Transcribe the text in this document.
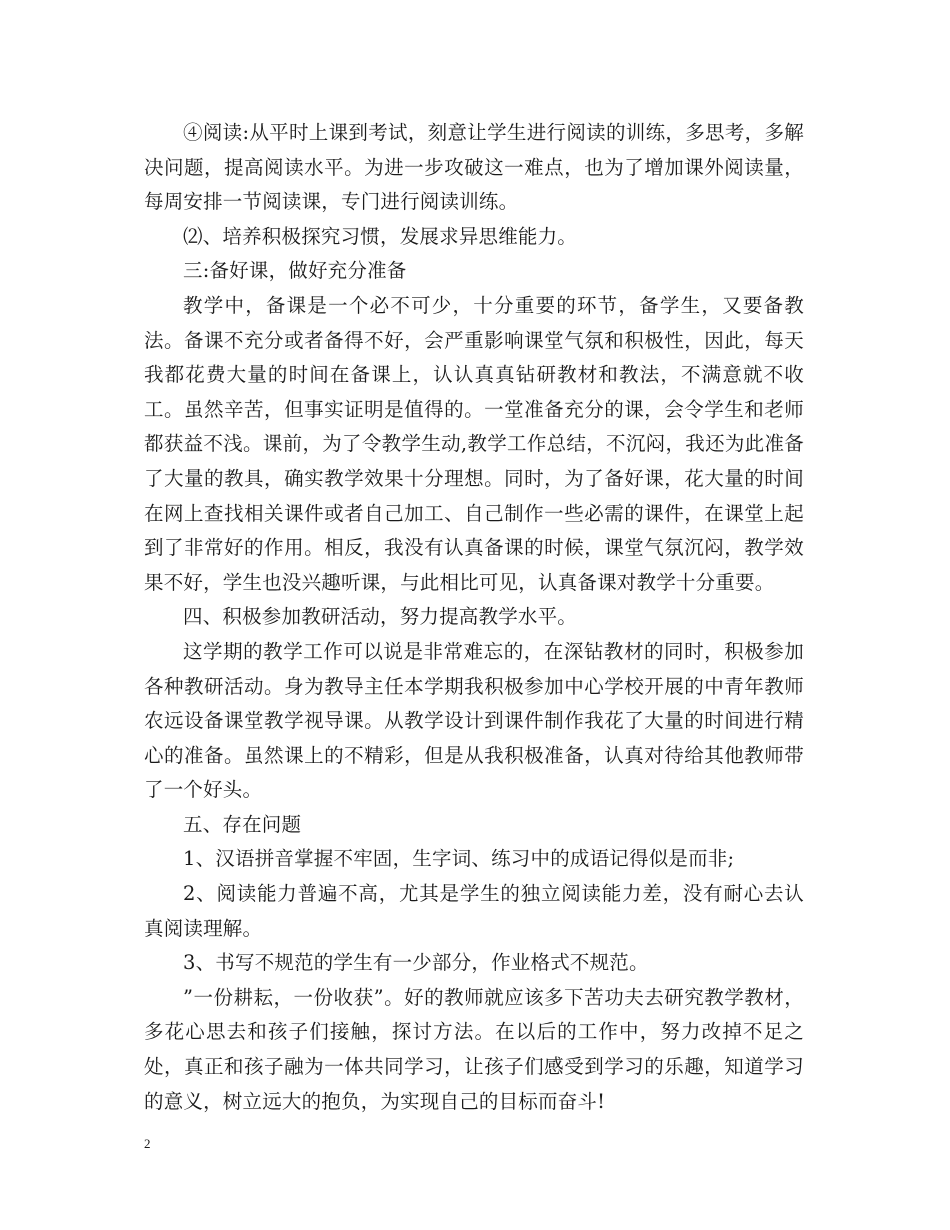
④阅读:从平时上课到考试，刻意让学生进行阅读的训练，多思考，多解决问题，提高阅读水平。为进一步攻破这一难点，也为了增加课外阅读量，每周安排一节阅读课，专门进行阅读训练。

⑵、培养积极探究习惯，发展求异思维能力。

三:备好课，做好充分准备

教学中，备课是一个必不可少，十分重要的环节，备学生，又要备教法。备课不充分或者备得不好，会严重影响课堂气氛和积极性，因此，每天我都花费大量的时间在备课上，认认真真钻研教材和教法，不满意就不收工。虽然辛苦，但事实证明是值得的。一堂准备充分的课，会令学生和老师都获益不浅。课前，为了令教学生动,教学工作总结，不沉闷，我还为此准备了大量的教具，确实教学效果十分理想。同时，为了备好课，花大量的时间在网上查找相关课件或者自己加工、自己制作一些必需的课件，在课堂上起到了非常好的作用。相反，我没有认真备课的时候，课堂气氛沉闷，教学效果不好，学生也没兴趣听课，与此相比可见，认真备课对教学十分重要。

四、积极参加教研活动，努力提高教学水平。

这学期的教学工作可以说是非常难忘的，在深钻教材的同时，积极参加各种教研活动。身为教导主任本学期我积极参加中心学校开展的中青年教师农远设备课堂教学视导课。从教学设计到课件制作我花了大量的时间进行精心的准备。虽然课上的不精彩，但是从我积极准备，认真对待给其他教师带了一个好头。

五、存在问题

1、汉语拼音掌握不牢固，生字词、练习中的成语记得似是而非;

2、阅读能力普遍不高，尤其是学生的独立阅读能力差，没有耐心去认真阅读理解。

3、书写不规范的学生有一少部分，作业格式不规范。

”一份耕耘，一份收获”。好的教师就应该多下苦功夫去研究教学教材，多花心思去和孩子们接触，探讨方法。在以后的工作中，努力改掉不足之处，真正和孩子融为一体共同学习，让孩子们感受到学习的乐趣，知道学习的意义，树立远大的抱负，为实现自己的目标而奋斗!

2
